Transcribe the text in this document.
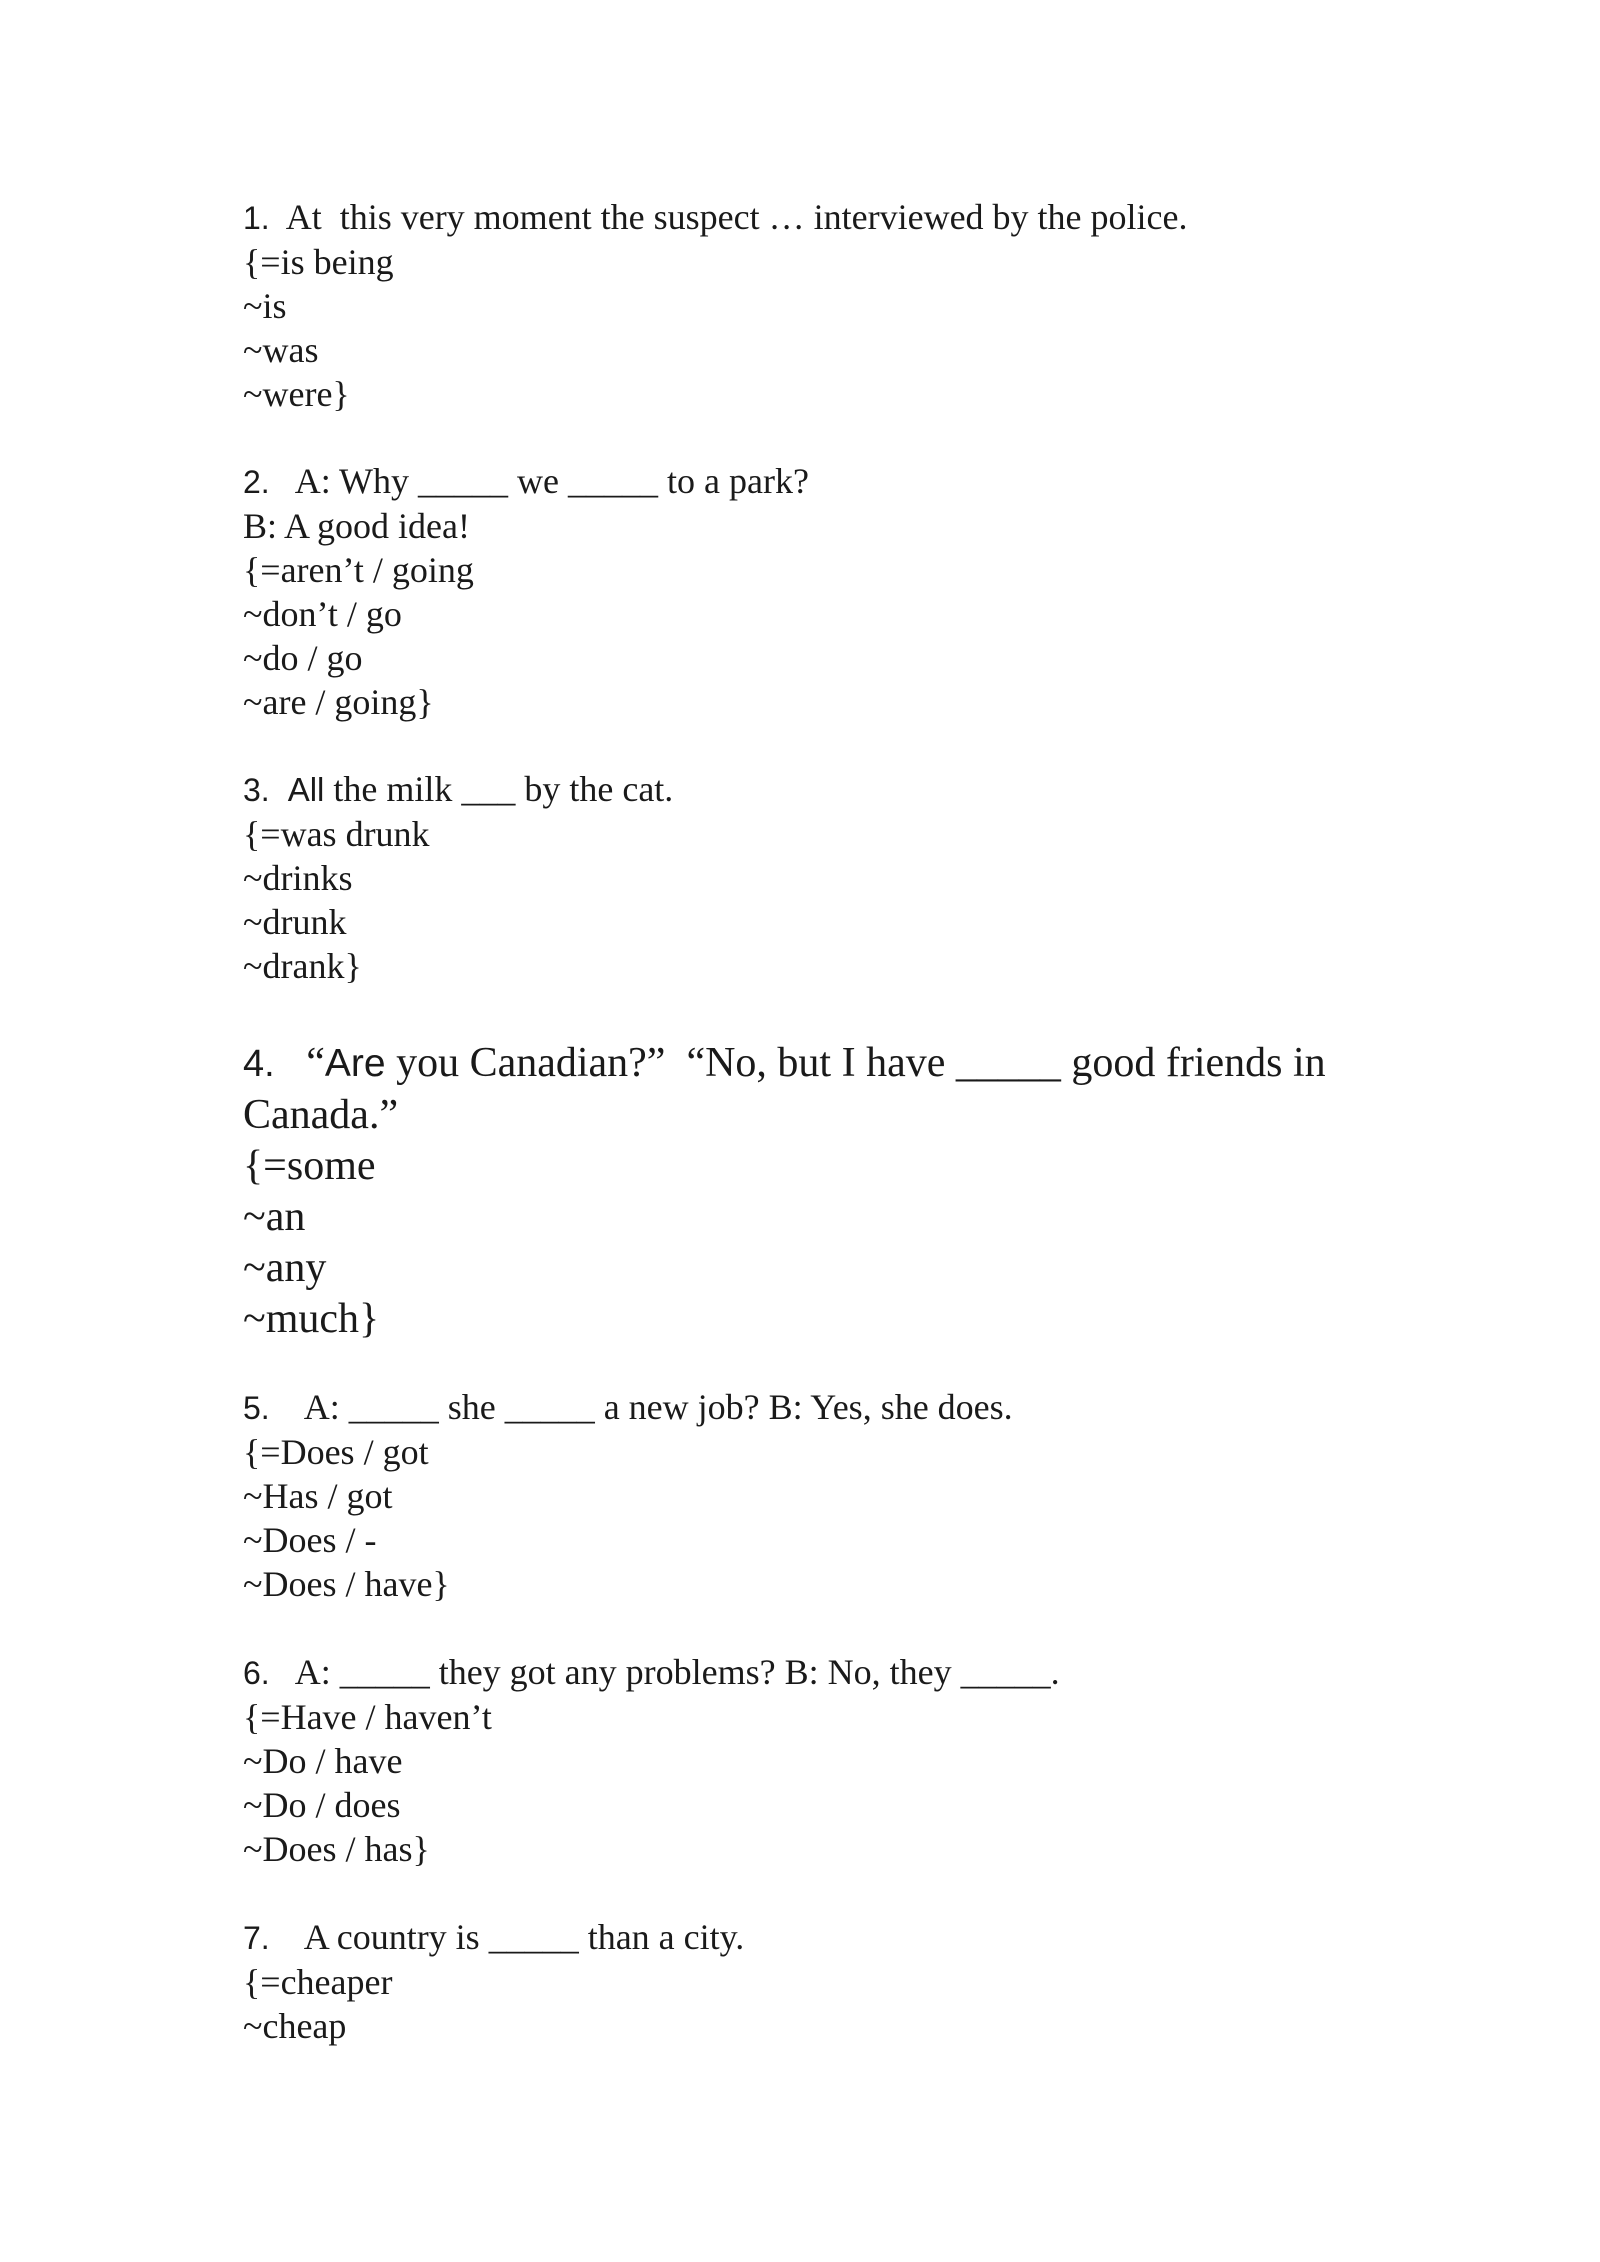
1. At  this very moment the suspect … interviewed by the police.

{=is being

~is

~was

~were}

2. A: Why _____ we _____ to a park?

B: A good idea!

{=aren’t / going

~don’t / go

~do / go

~are / going}

3. All the milk ___ by the cat.

{=was drunk

~drinks

~drunk

~drank}

4. “Are you Canadian?”  “No, but I have _____ good friends in Canada.”

{=some

~an

~any

~much}

5. A: _____ she _____ a new job? B: Yes, she does.

{=Does / got

~Has / got

~Does / -

~Does / have}

6. A: _____ they got any problems? B: No, they _____.

{=Have / haven’t

~Do / have

~Do / does

~Does / has}

7. A country is _____ than a city.

{=cheaper

~cheap
